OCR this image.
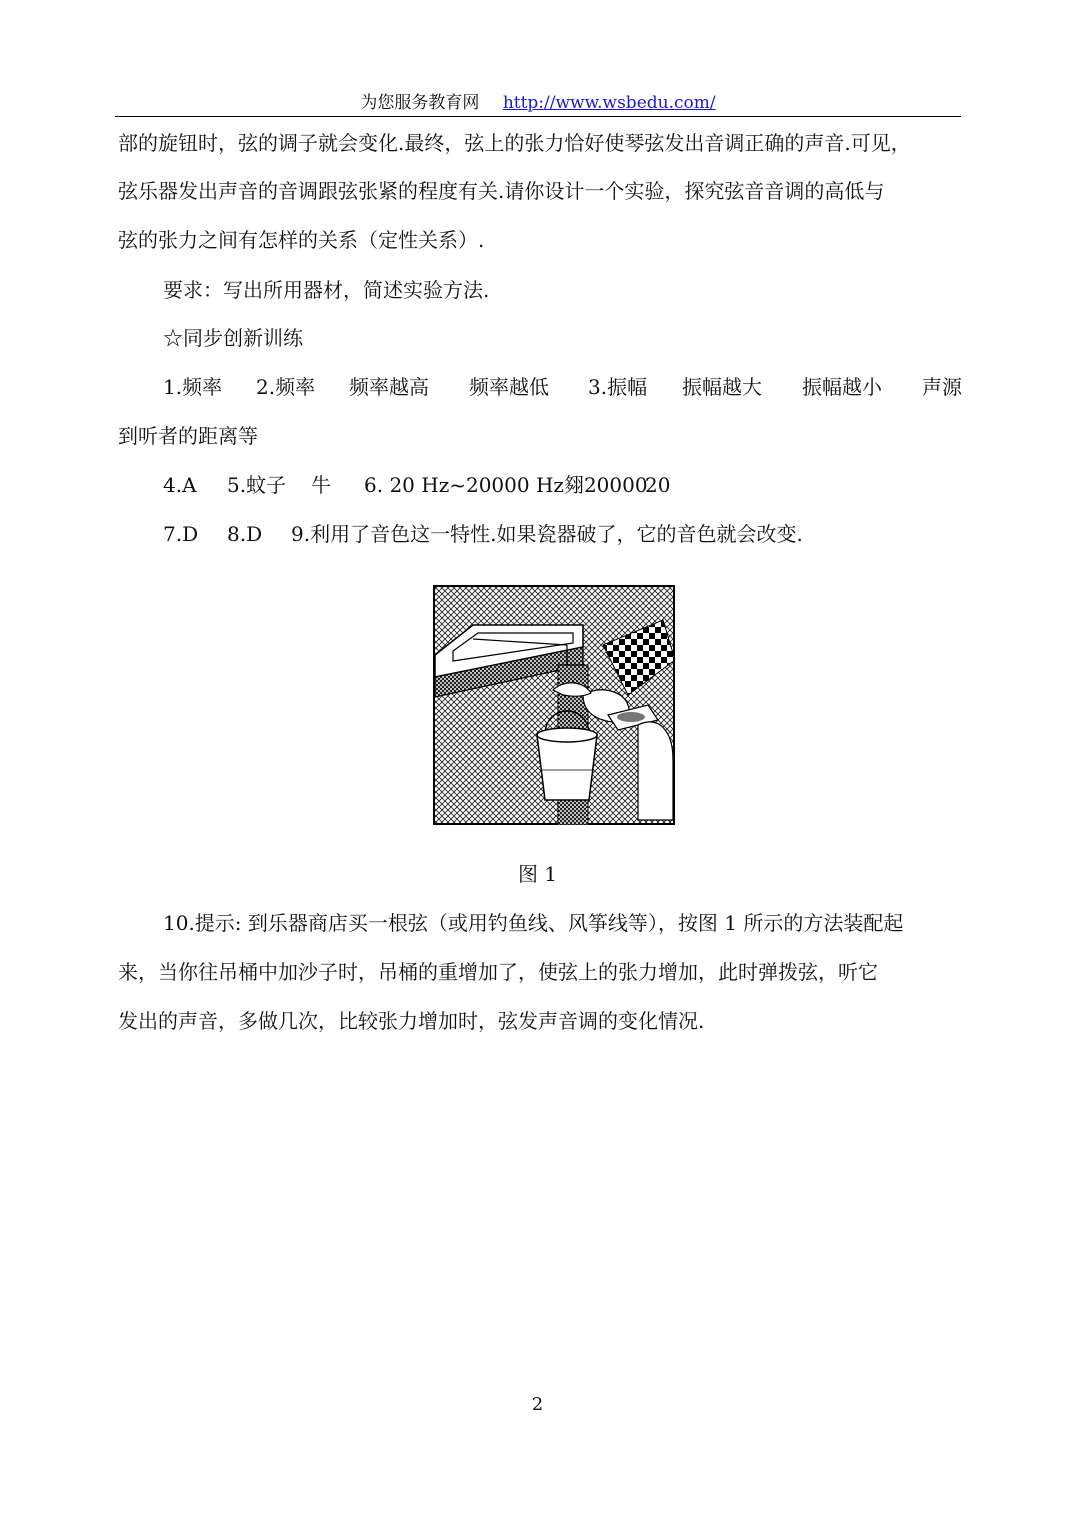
为您服务教育网 http://www.wsbedu.com/
部的旋钮时，弦的调子就会变化.最终，弦上的张力恰好使琴弦发出音调正确的声音.可见，
弦乐器发出声音的音调跟弦张紧的程度有关.请你设计一个实验，探究弦音音调的高低与
弦的张力之间有怎样的关系（定性关系）.
要求：写出所用器材，简述实验方法.
☆同步创新训练
1.频率 2.频率 频率越高 频率越低 3.振幅 振幅越大 振幅越小 声源
到听者的距离等
4.A 5.蚊子 牛 6. 20 Hz~20000 Hz翗20000
20
7.D 8.D 9.利用了音色这一特性.如果瓷器破了，它的音色就会改变.
图 1
10.提示: 到乐器商店买一根弦（或用钓鱼线、风筝线等），按图 1 所示的方法装配起
来，当你往吊桶中加沙子时，吊桶的重增加了，使弦上的张力增加，此时弹拨弦，听它
发出的声音，多做几次，比较张力增加时，弦发声音调的变化情况.
2
